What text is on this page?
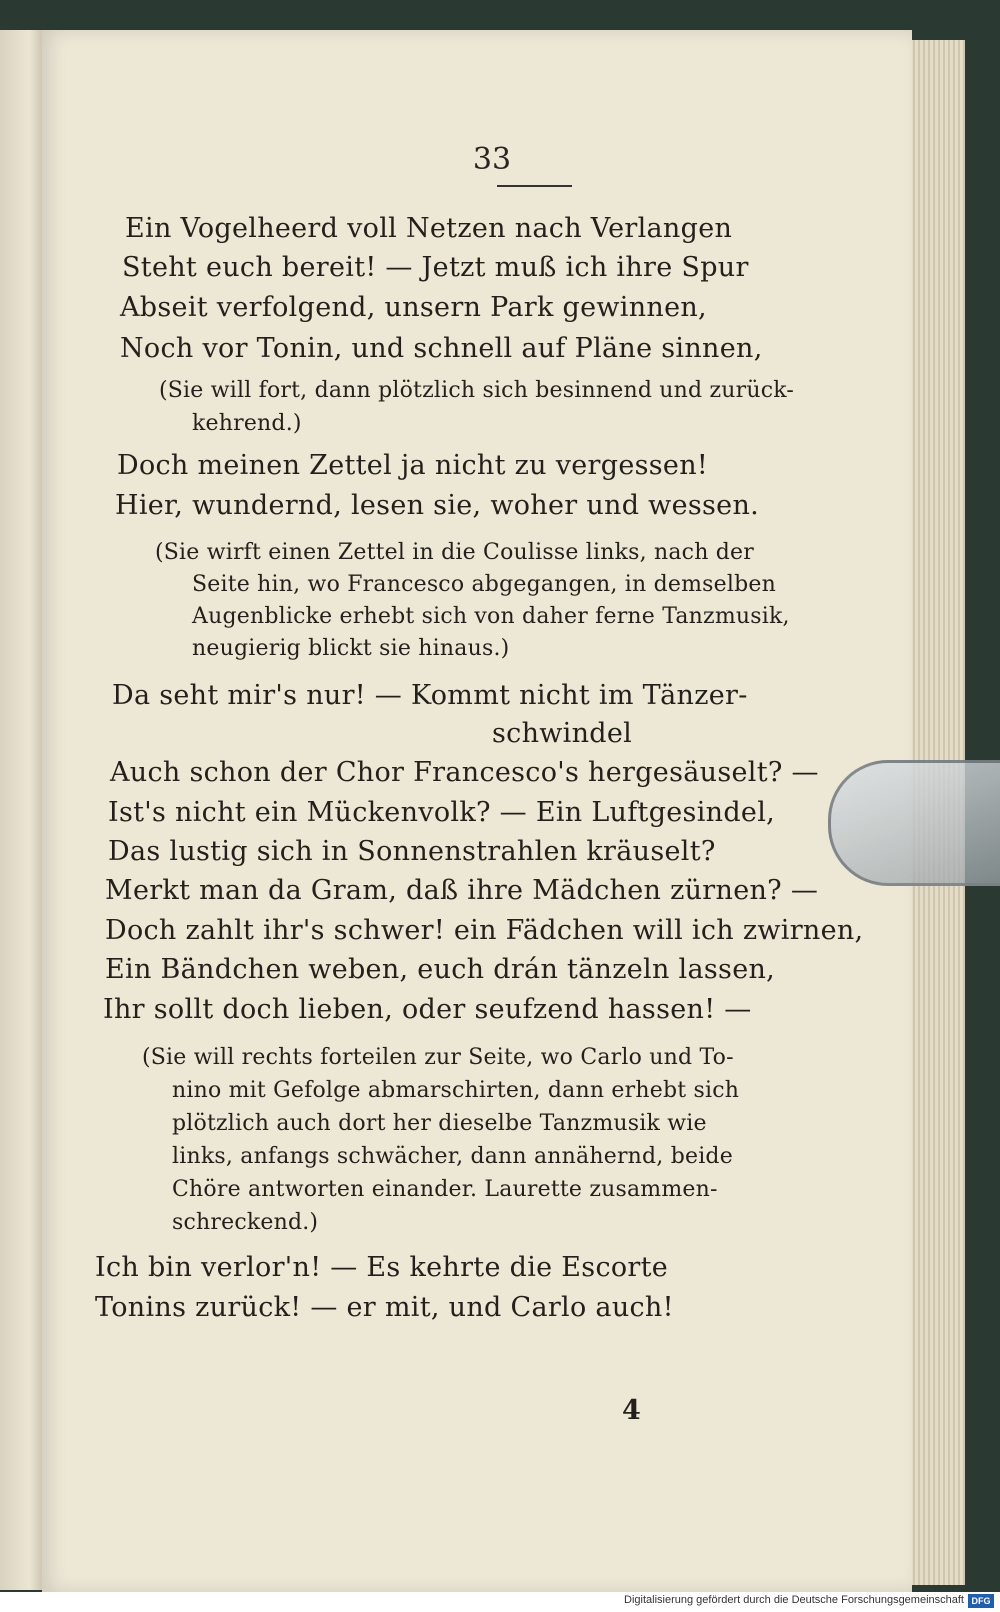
33

Ein Vogelheerd voll Netzen nach Verlangen

Steht euch bereit! — Jetzt muß ich ihre Spur

Abseit verfolgend, unsern Park gewinnen,

Noch vor Tonin, und schnell auf Pläne sinnen,

(Sie will fort, dann plötzlich sich besinnend und zurück-

kehrend.)

Doch meinen Zettel ja nicht zu vergessen!

Hier, wundernd, lesen sie, woher und wessen.

(Sie wirft einen Zettel in die Coulisse links, nach der

Seite hin, wo Francesco abgegangen, in demselben

Augenblicke erhebt sich von daher ferne Tanzmusik,

neugierig blickt sie hinaus.)

Da seht mir's nur! — Kommt nicht im Tänzer-

schwindel

Auch schon der Chor Francesco's hergesäuselt? —

Ist's nicht ein Mückenvolk? — Ein Luftgesindel,

Das lustig sich in Sonnenstrahlen kräuselt?

Merkt man da Gram, daß ihre Mädchen zürnen? —

Doch zahlt ihr's schwer! ein Fädchen will ich zwirnen,

Ein Bändchen weben, euch drán tänzeln lassen,

Ihr sollt doch lieben, oder seufzend hassen! —

(Sie will rechts forteilen zur Seite, wo Carlo und To-

nino mit Gefolge abmarschirten, dann erhebt sich

plötzlich auch dort her dieselbe Tanzmusik wie

links, anfangs schwächer, dann annähernd, beide

Chöre antworten einander. Laurette zusammen-

schreckend.)

Ich bin verlor'n! — Es kehrte die Escorte

Tonins zurück! — er mit, und Carlo auch!

4
Digitalisierung gefördert durch die Deutsche Forschungsgemeinschaft DFG
